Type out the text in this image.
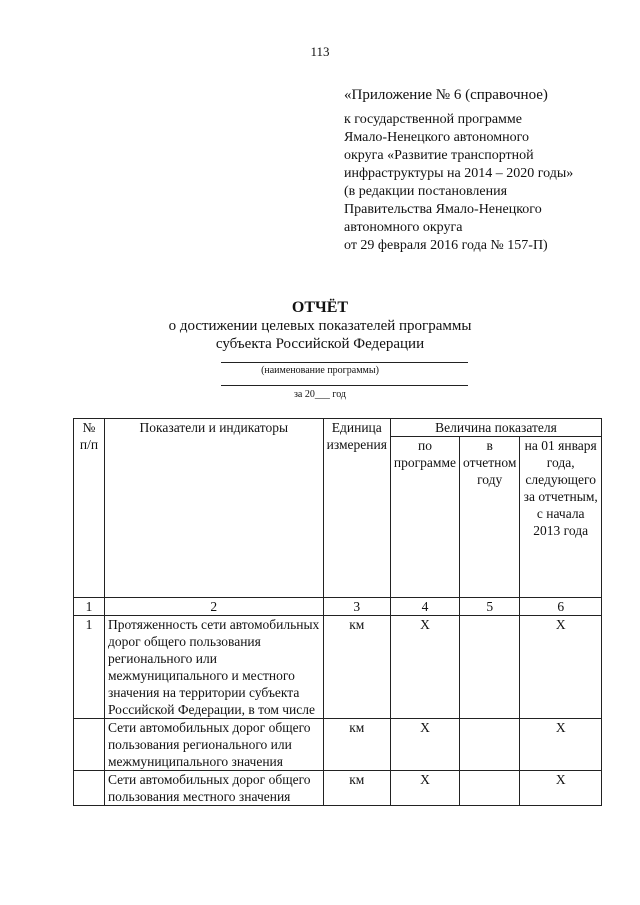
113
«Приложение № 6 (справочное)
к государственной программе
Ямало-Ненецкого автономного
округа «Развитие транспортной
инфраструктуры на 2014 – 2020 годы»
(в редакции постановления
Правительства Ямало-Ненецкого
автономного округа
от 29 февраля 2016 года № 157-П)
ОТЧЁТ
о достижении целевых показателей программы
субъекта Российской Федерации
(наименование программы)
за 20___ год
№ п/п	Показатели и индикаторы	Единица измерения	Величина показателя		
			по программе	в отчетном году	на 01 января года, следующего за отчетным, с начала 2013 года
1	2	3	4	5	6
1	Протяженность сети автомобильных дорог общего пользования регионального или межмуниципального и местного значения на территории субъекта Российской Федерации, в том числе	км	X		X
	Сети автомобильных дорог общего пользования регионального или межмуниципального значения	км	X		X
	Сети автомобильных дорог общего пользования местного значения	км	X		X
